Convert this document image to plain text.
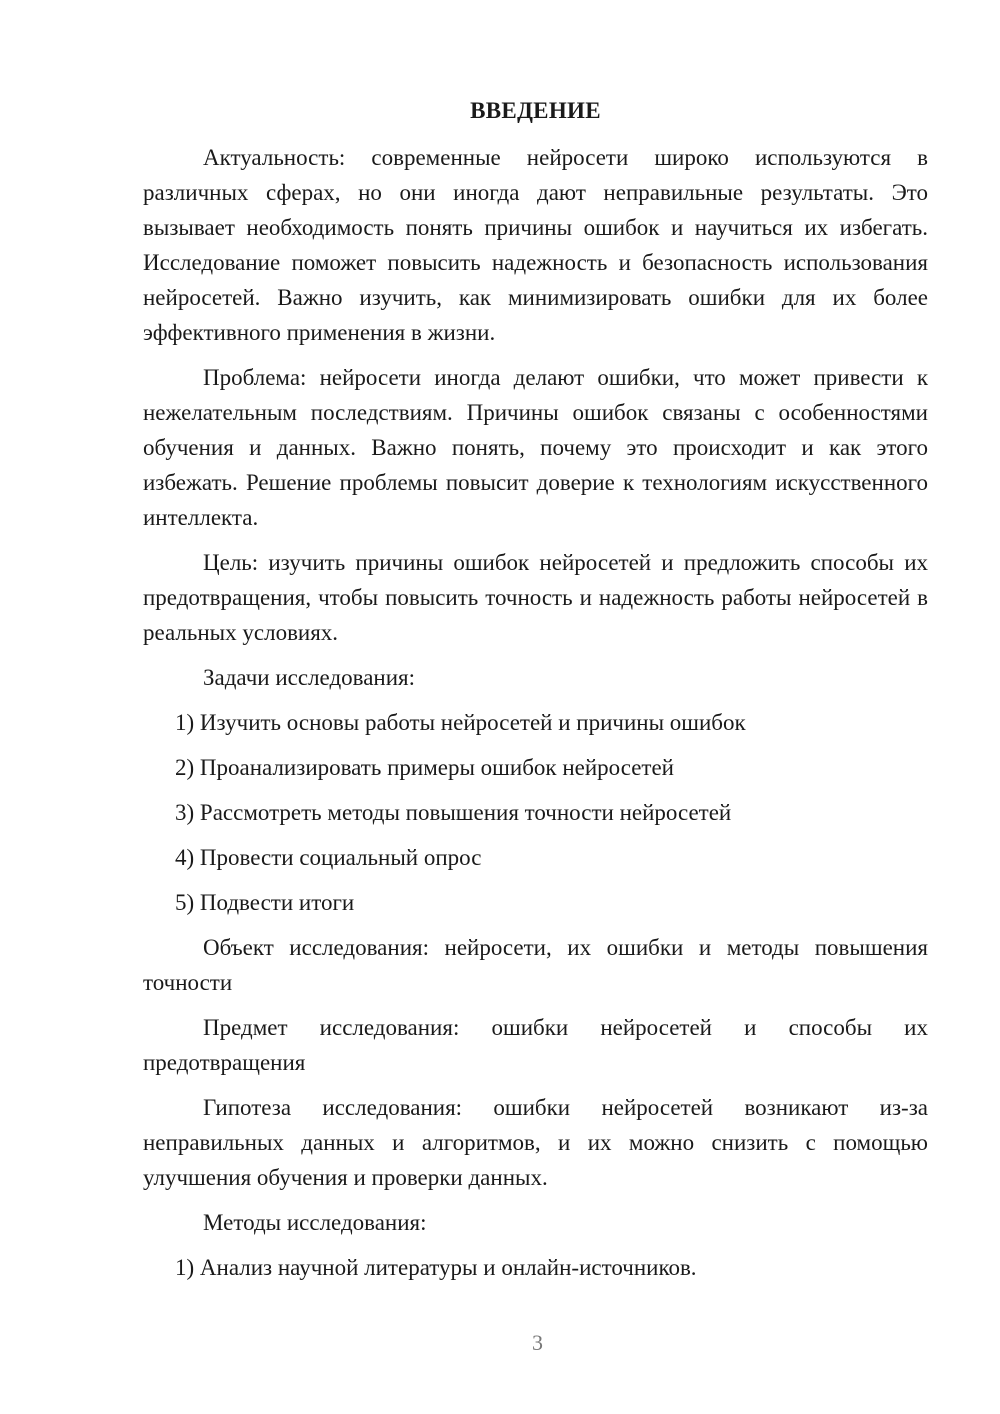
ВВЕДЕНИЕ

Актуальность: современные нейросети широко используются в различных сферах, но они иногда дают неправильные результаты. Это вызывает необходимость понять причины ошибок и научиться их избегать. Исследование поможет повысить надежность и безопасность использования нейросетей. Важно изучить, как минимизировать ошибки для их более эффективного применения в жизни.

Проблема: нейросети иногда делают ошибки, что может привести к нежелательным последствиям. Причины ошибок связаны с особенностями обучения и данных. Важно понять, почему это происходит и как этого избежать. Решение проблемы повысит доверие к технологиям искусственного интеллекта.

Цель: изучить причины ошибок нейросетей и предложить способы их предотвращения, чтобы повысить точность и надежность работы нейросетей в реальных условиях.

Задачи исследования:

1) Изучить основы работы нейросетей и причины ошибок
2) Проанализировать примеры ошибок нейросетей
3) Рассмотреть методы повышения точности нейросетей
4) Провести социальный опрос
5) Подвести итоги

Объект исследования: нейросети, их ошибки и методы повышения точности

Предмет исследования: ошибки нейросетей и способы их предотвращения

Гипотеза исследования: ошибки нейросетей возникают из-за неправильных данных и алгоритмов, и их можно снизить с помощью улучшения обучения и проверки данных.

Методы исследования:

1) Анализ научной литературы и онлайн-источников.
3
